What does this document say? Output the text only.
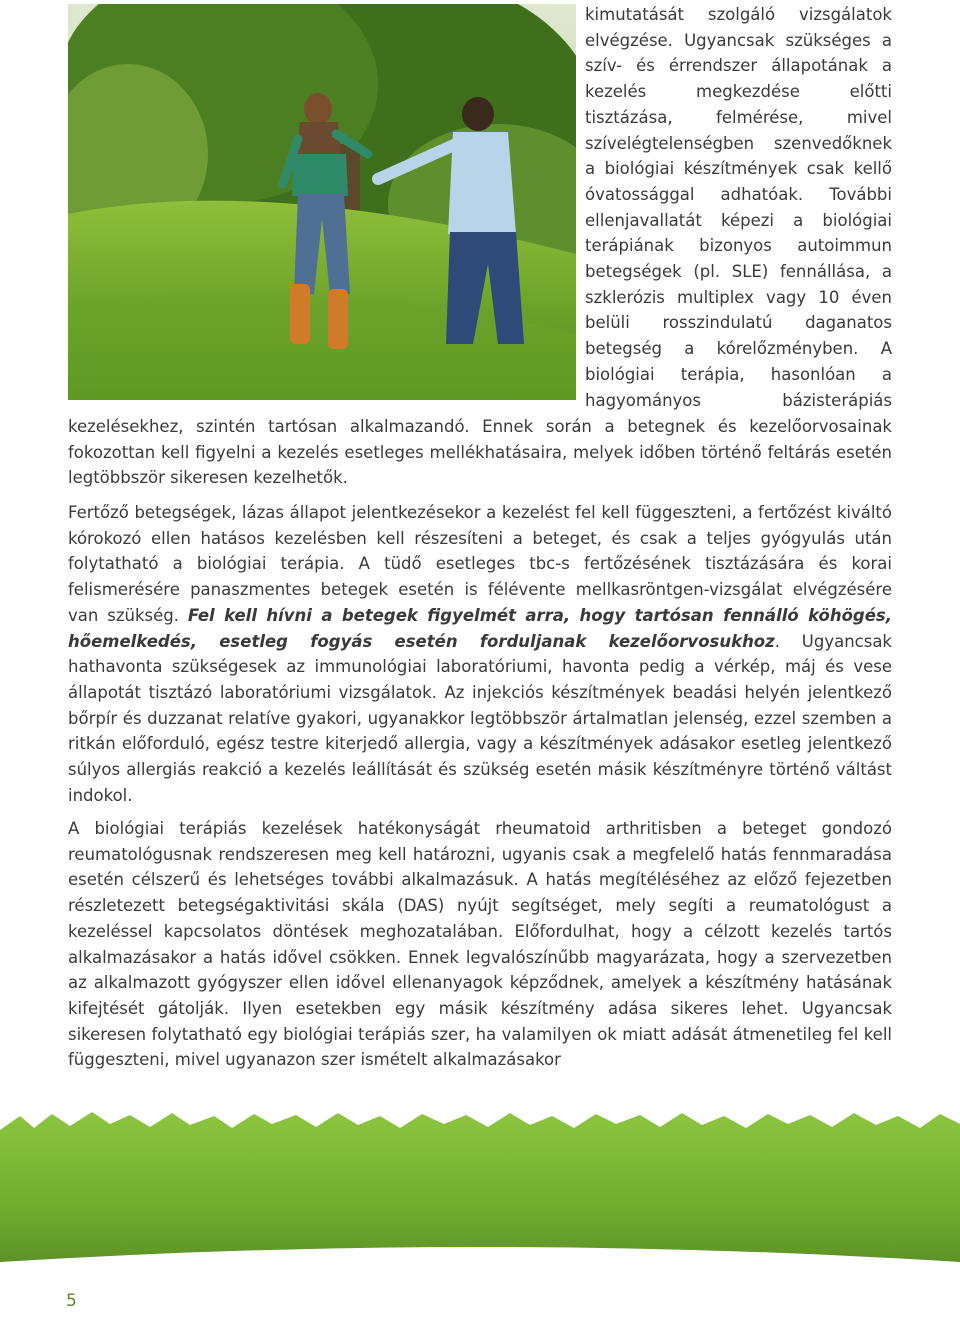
kimutatását szolgáló vizsgálatok elvégzése. Ugyancsak szükséges a szív- és érrendszer állapotának a kezelés megkezdése előtti tisztázása, felmérése, mivel szívelégtelenségben szenvedőknek a biológiai készítmények csak kellő óvatossággal adhatóak. További ellenjavallatát képezi a biológiai terápiának bizonyos autoimmun betegségek (pl. SLE) fennállása, a szklerózis multiplex vagy 10 éven belüli rosszindulatú daganatos betegség a kórelőzményben. A biológiai terápia, hasonlóan a hagyományos bázisterápiás
kezelésekhez, szintén tartósan alkalmazandó. Ennek során a betegnek és kezelőorvosainak fokozottan kell figyelni a kezelés esetleges mellékhatásaira, melyek időben történő feltárás esetén legtöbbször sikeresen kezelhetők.
Fertőző betegségek, lázas állapot jelentkezésekor a kezelést fel kell függeszteni, a fertőzést kiváltó kórokozó ellen hatásos kezelésben kell részesíteni a beteget, és csak a teljes gyógyulás után folytatható a biológiai terápia. A tüdő esetleges tbc-s fertőzésének tisztázására és korai felismerésére panaszmentes betegek esetén is félévente mellkasröntgen-vizsgálat elvégzésére van szükség. Fel kell hívni a betegek figyelmét arra, hogy tartósan fennálló köhögés, hőemelkedés, esetleg fogyás esetén forduljanak kezelőorvosukhoz. Ugyancsak hathavonta szükségesek az immunológiai laboratóriumi, havonta pedig a vérkép, máj és vese állapotát tisztázó laboratóriumi vizsgálatok. Az injekciós készítmények beadási helyén jelentkező bőrpír és duzzanat relatíve gyakori, ugyanakkor legtöbbször ártalmatlan jelenség, ezzel szemben a ritkán előforduló, egész testre kiterjedő allergia, vagy a készítmények adásakor esetleg jelentkező súlyos allergiás reakció a kezelés leállítását és szükség esetén másik készítményre történő váltást indokol.
A biológiai terápiás kezelések hatékonyságát rheumatoid arthritisben a beteget gondozó reumatológusnak rendszeresen meg kell határozni, ugyanis csak a megfelelő hatás fennmaradása esetén célszerű és lehetséges további alkalmazásuk. A hatás megítéléséhez az előző fejezetben részletezett betegségaktivitási skála (DAS) nyújt segítséget, mely segíti a reumatológust a kezeléssel kapcsolatos döntések meghozatalában. Előfordulhat, hogy a célzott kezelés tartós alkalmazásakor a hatás idővel csökken. Ennek legvalószínűbb magyarázata, hogy a szervezetben az alkalmazott gyógyszer ellen idővel ellenanyagok képződnek, amelyek a készítmény hatásának kifejtését gátolják. Ilyen esetekben egy másik készítmény adása sikeres lehet. Ugyancsak sikeresen folytatható egy biológiai terápiás szer, ha valamilyen ok miatt adását átmenetileg fel kell függeszteni, mivel ugyanazon szer ismételt alkalmazásakor
5
